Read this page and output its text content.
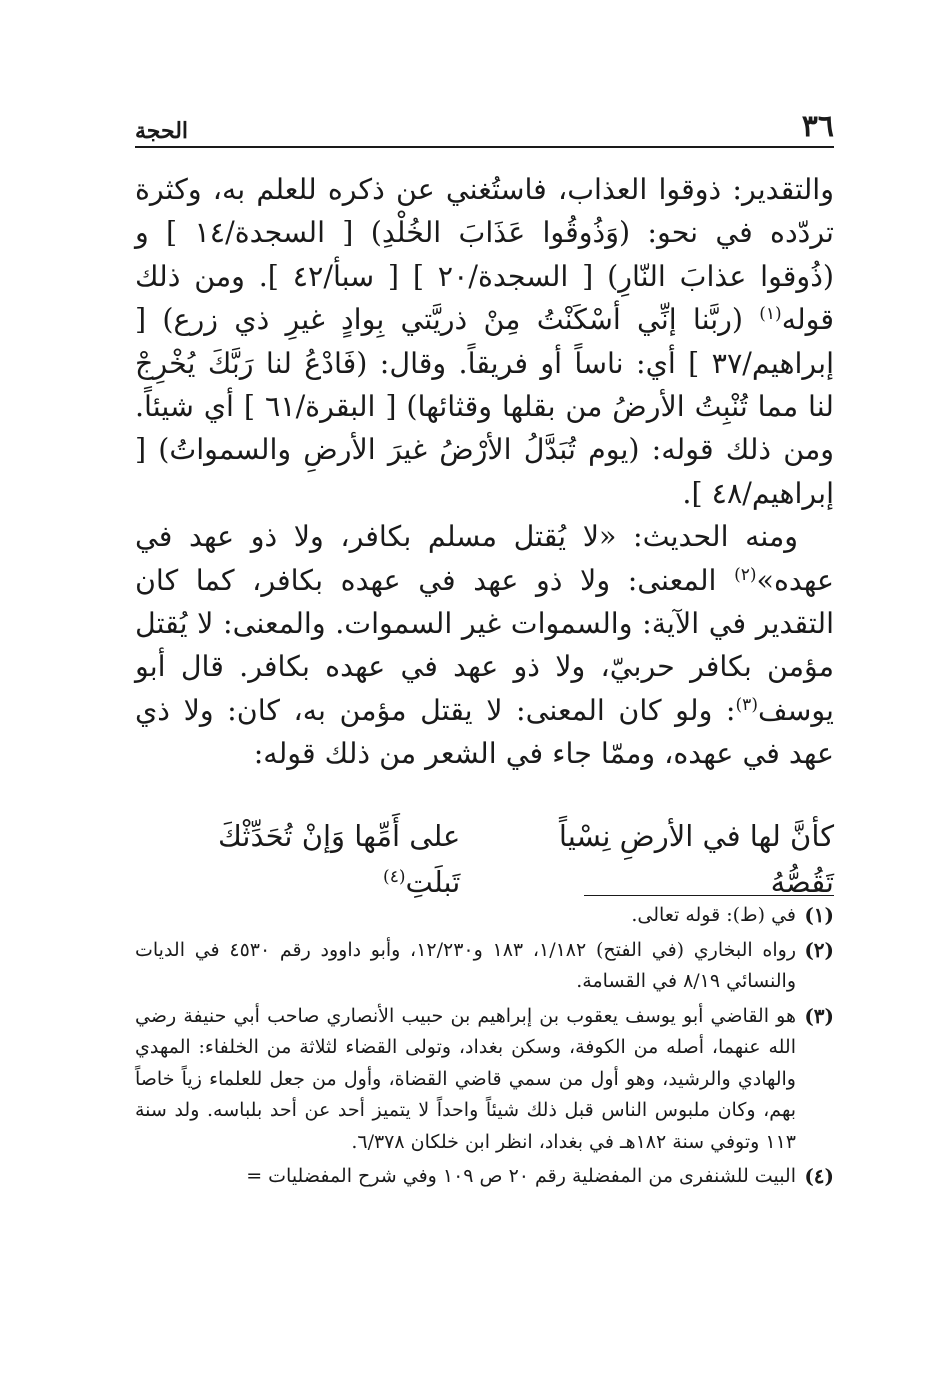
٣٦
الحجة

والتقدير: ذوقوا العذاب، فاستُغني عن ذكره للعلم به، وكثرة تردّده في نحو: (وَذُوقُوا عَذَابَ الخُلْدِ) [ السجدة/١٤ ] و (ذُوقوا عذابَ النّارِ) [ السجدة/٢٠ ] [ سبأ/٤٢ ]. ومن ذلك قوله$^{(١)}$ (ربَّنا إنِّي أسْكَنْتُ مِنْ ذريَّتي بِوادٍ غيرِ ذي زرع) [ إبراهيم/٣٧ ] أي: ناساً أو فريقاً. وقال: (فَادْعُ لنا رَبَّكَ يُخْرِجْ لنا مما تُنْبِتُ الأرضُ من بقلها وقثائها) [ البقرة/٦١ ] أي شيئاً. ومن ذلك قوله: (يوم تُبَدَّلُ الأرْضُ غيرَ الأرضِ والسمواتُ) [ إبراهيم/٤٨ ].

ومنه الحديث: «لا يُقتل مسلم بكافر، ولا ذو عهد في عهده»$^{(٢)}$ المعنى: ولا ذو عهد في عهده بكافر، كما كان التقدير في الآية: والسموات غير السموات. والمعنى: لا يُقتل مؤمن بكافر حربيّ، ولا ذو عهد في عهده بكافر. قال أبو يوسف$^{(٣)}$: ولو كان المعنى: لا يقتل مؤمن به، كان: ولا ذي عهد في عهده، وممّا جاء في الشعر من ذلك قوله:

كأنَّ لها في الأرضِ نِسْياً تَقُصُّهُ
على أَمِّها وَإنْ تُحَدِّثْكَ تَبلَتِ$^{(٤)}$
(١)
في (ط): قوله تعالى.
(٢)
رواه البخاري (في الفتح) ١/١٨٢، ١٨٣ و١٢/٢٣٠، وأبو داوود رقم ٤٥٣٠ في الديات والنسائي ٨/١٩ في القسامة.
(٣)
هو القاضي أبو يوسف يعقوب بن إبراهيم بن حبيب الأنصاري صاحب أبي حنيفة رضي الله عنهما، أصله من الكوفة، وسكن بغداد، وتولى القضاء لثلاثة من الخلفاء: المهدي والهادي والرشيد، وهو أول من سمي قاضي القضاة، وأول من جعل للعلماء زياً خاصاً بهم، وكان ملبوس الناس قبل ذلك شيئاً واحداً لا يتميز أحد عن أحد بلباسه. ولد سنة ١١٣ وتوفي سنة ١٨٢هـ في بغداد، انظر ابن خلكان ٦/٣٧٨.
(٤)
البيت للشنفرى من المفضلية رقم ٢٠ ص ١٠٩ وفي شرح المفضليات =
